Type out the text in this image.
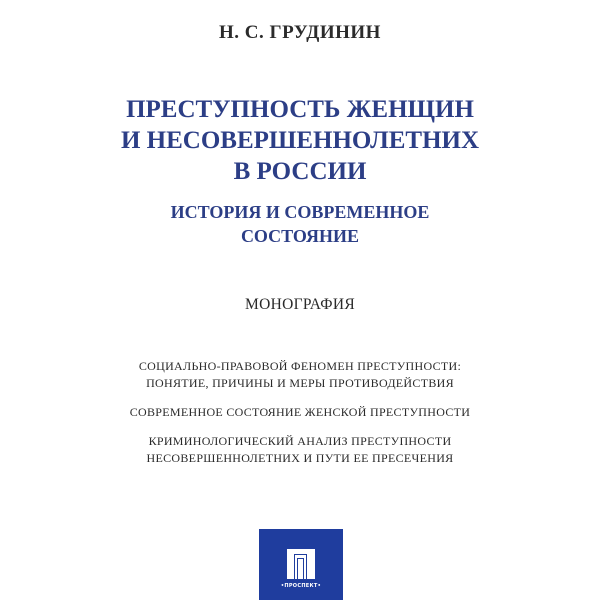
Н. С. ГРУДИНИН
ПРЕСТУПНОСТЬ ЖЕНЩИН
И НЕСОВЕРШЕННОЛЕТНИХ
В РОССИИ
ИСТОРИЯ И СОВРЕМЕННОЕ
СОСТОЯНИЕ
МОНОГРАФИЯ
СОЦИАЛЬНО-ПРАВОВОЙ ФЕНОМЕН ПРЕСТУПНОСТИ:
ПОНЯТИЕ, ПРИЧИНЫ И МЕРЫ ПРОТИВОДЕЙСТВИЯ
СОВРЕМЕННОЕ СОСТОЯНИЕ ЖЕНСКОЙ ПРЕСТУПНОСТИ
КРИМИНОЛОГИЧЕСКИЙ АНАЛИЗ ПРЕСТУПНОСТИ
НЕСОВЕРШЕННОЛЕТНИХ И ПУТИ ЕЕ ПРЕСЕЧЕНИЯ
•ПРОСПЕКТ•
